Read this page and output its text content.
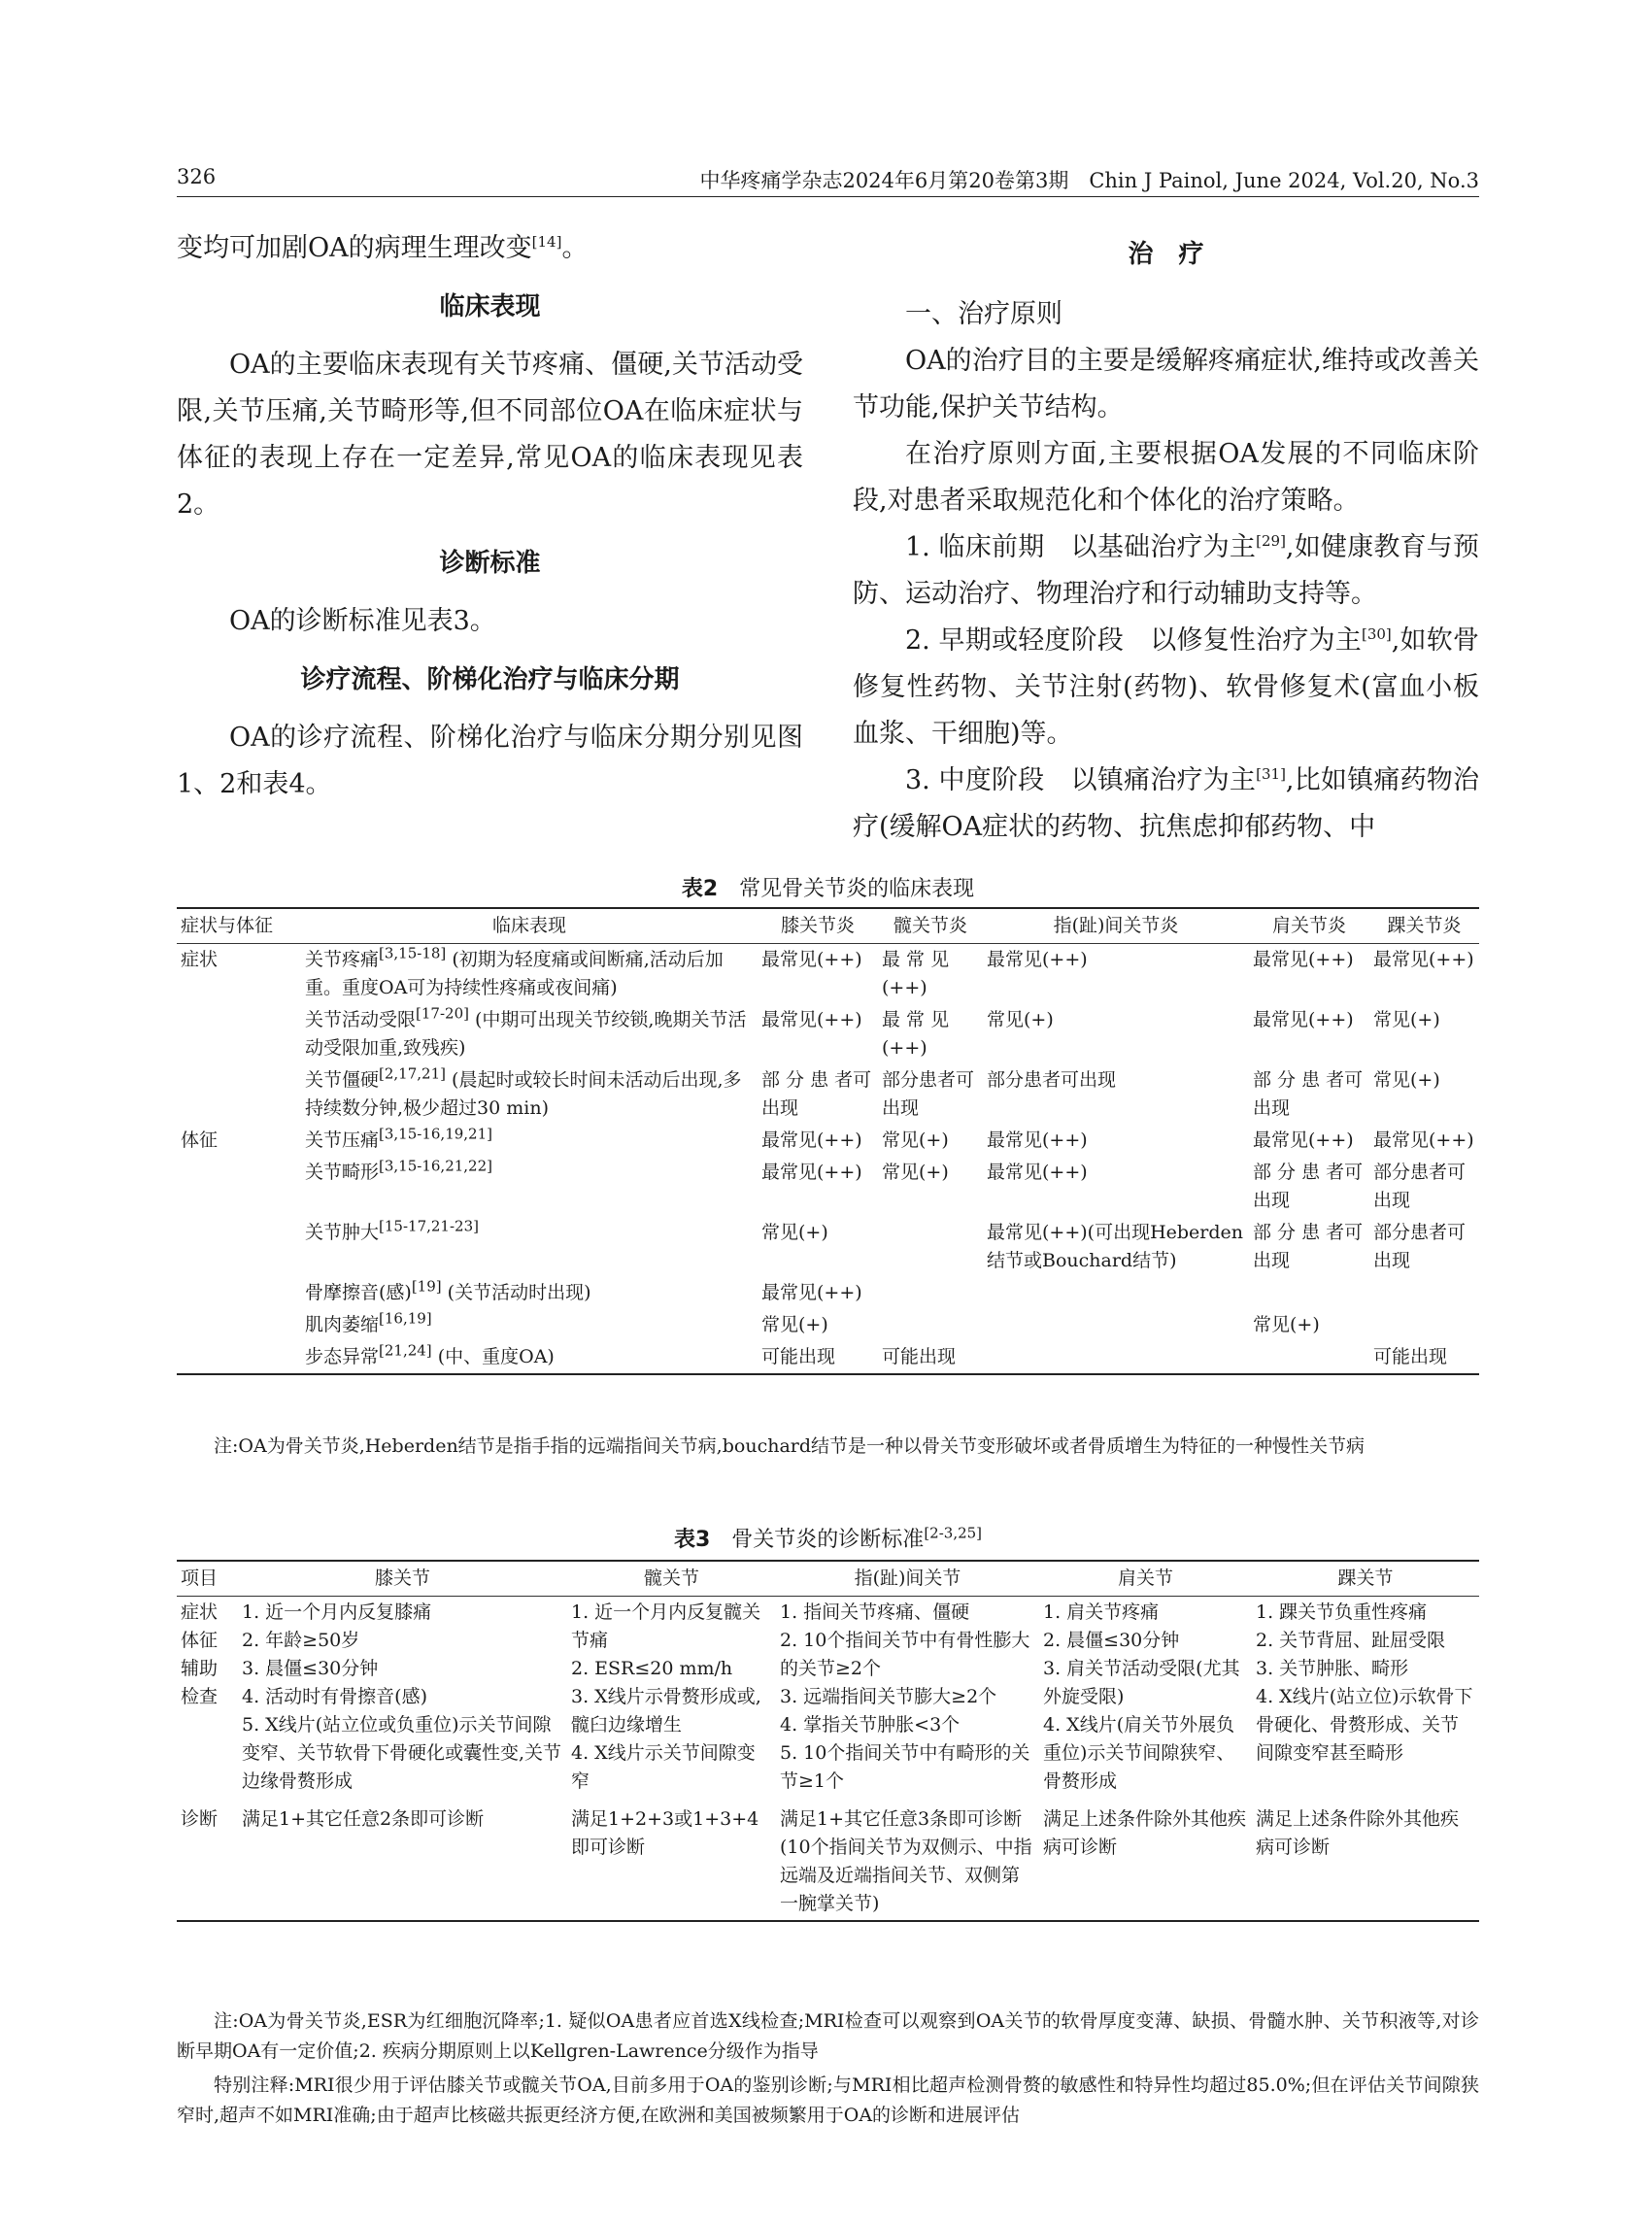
326	中华疼痛学杂志2024年6月第20卷第3期　Chin J Painol, June 2024, Vol.20, No.3

变均可加剧OA的病理生理改变[14]。

临床表现

OA的主要临床表现有关节疼痛、僵硬,关节活动受限,关节压痛,关节畸形等,但不同部位OA在临床症状与体征的表现上存在一定差异,常见OA的临床表现见表2。

诊断标准

OA的诊断标准见表3。

诊疗流程、阶梯化治疗与临床分期

OA的诊疗流程、阶梯化治疗与临床分期分别见图1、2和表4。

治　疗

一、治疗原则

OA的治疗目的主要是缓解疼痛症状,维持或改善关节功能,保护关节结构。

在治疗原则方面,主要根据OA发展的不同临床阶段,对患者采取规范化和个体化的治疗策略。

1. 临床前期　以基础治疗为主[29],如健康教育与预防、运动治疗、物理治疗和行动辅助支持等。

2. 早期或轻度阶段　以修复性治疗为主[30],如软骨修复性药物、关节注射(药物)、软骨修复术(富血小板血浆、干细胞)等。

3. 中度阶段　以镇痛治疗为主[31],比如镇痛药物治疗(缓解OA症状的药物、抗焦虑抑郁药物、中

表2　 常见骨关节炎的临床表现
症状与体征	临床表现	膝关节炎	髋关节炎	指(趾)间关节炎	肩关节炎	踝关节炎
症状	关节疼痛[3,15-18] (初期为轻度痛或间断痛,活动后加重。重度OA可为持续性疼痛或夜间痛)	最常见(++)	最 常 见(++)	最常见(++)	最常见(++)	最常见(++)
	关节活动受限[17-20] (中期可出现关节绞锁,晚期关节活动受限加重,致残疾)	最常见(++)	最 常 见(++)	常见(+)	最常见(++)	常见(+)
	关节僵硬[2,17,21] (晨起时或较长时间未活动后出现,多持续数分钟,极少超过30 min)	部 分 患 者可出现	部分患者可出现	部分患者可出现	部 分 患 者可出现	常见(+)
体征	关节压痛[3,15-16,19,21]	最常见(++)	常见(+)	最常见(++)	最常见(++)	最常见(++)
	关节畸形[3,15-16,21,22]	最常见(++)	常见(+)	最常见(++)	部 分 患 者可出现	部分患者可出现
	关节肿大[15-17,21-23]	常见(+)		最常见(++)(可出现Heberden结节或Bouchard结节)	部 分 患 者可出现	部分患者可出现
	骨摩擦音(感)[19] (关节活动时出现)	最常见(++)				
	肌肉萎缩[16,19]	常见(+)			常见(+)	
	步态异常[21,24] (中、重度OA)	可能出现	可能出现			可能出现

注:OA为骨关节炎,Heberden结节是指手指的远端指间关节病,bouchard结节是一种以骨关节变形破坏或者骨质增生为特征的一种慢性关节病

表3　 骨关节炎的诊断标准[2-3,25]
项目	膝关节	髋关节	指(趾)间关节	肩关节	踝关节
症状体征辅助检查	1. 近一个月内反复膝痛
2. 年龄≥50岁
3. 晨僵≤30分钟
4. 活动时有骨擦音(感)
5. X线片(站立位或负重位)示关节间隙变窄、关节软骨下骨硬化或囊性变,关节边缘骨赘形成	1. 近一个月内反复髋关节痛
2. ESR≤20 mm/h
3. X线片示骨赘形成或,髋臼边缘增生
4. X线片示关节间隙变窄	1. 指间关节疼痛、僵硬
2. 10个指间关节中有骨性膨大的关节≥2个
3. 远端指间关节膨大≥2个
4. 掌指关节肿胀<3个
5. 10个指间关节中有畸形的关节≥1个	1. 肩关节疼痛
2. 晨僵≤30分钟
3. 肩关节活动受限(尤其外旋受限)
4. X线片(肩关节外展负重位)示关节间隙狭窄、骨赘形成	1. 踝关节负重性疼痛
2. 关节背屈、趾屈受限
3. 关节肿胀、畸形
4. X线片(站立位)示软骨下骨硬化、骨赘形成、关节间隙变窄甚至畸形
诊断	满足1+其它任意2条即可诊断	满足1+2+3或1+3+4即可诊断	满足1+其它任意3条即可诊断(10个指间关节为双侧示、中指远端及近端指间关节、双侧第一腕掌关节)	满足上述条件除外其他疾病可诊断	满足上述条件除外其他疾病可诊断

注:OA为骨关节炎,ESR为红细胞沉降率;1. 疑似OA患者应首选X线检查;MRI检查可以观察到OA关节的软骨厚度变薄、缺损、骨髓水肿、关节积液等,对诊断早期OA有一定价值;2. 疾病分期原则上以Kellgren-Lawrence分级作为指导

特别注释:MRI很少用于评估膝关节或髋关节OA,目前多用于OA的鉴别诊断;与MRI相比超声检测骨赘的敏感性和特异性均超过85.0%;但在评估关节间隙狭窄时,超声不如MRI准确;由于超声比核磁共振更经济方便,在欧洲和美国被频繁用于OA的诊断和进展评估
